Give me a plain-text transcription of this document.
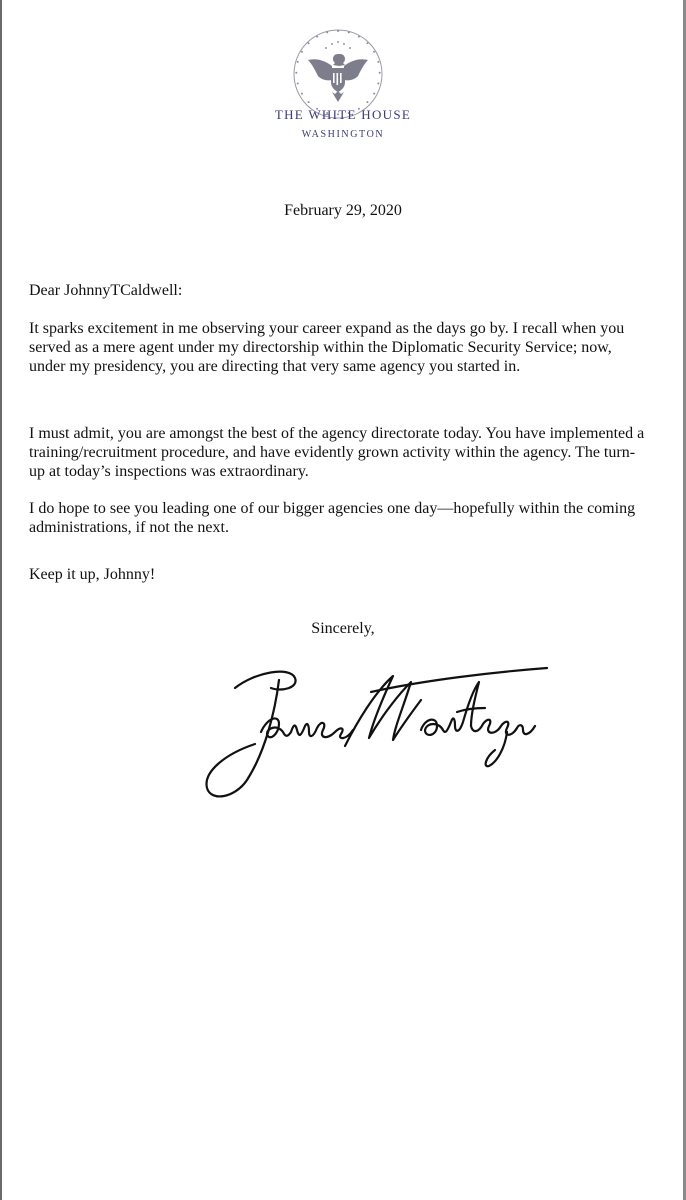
THE WHITE HOUSE
WASHINGTON
February 29, 2020

Dear JohnnyTCaldwell:

It sparks excitement in me observing your career expand as the days go by. I recall when you served as a mere agent under my directorship within the Diplomatic Security Service; now, under my presidency, you are directing that very same agency you started in.

I must admit, you are amongst the best of the agency directorate today. You have implemented a training/recruitment procedure, and have evidently grown activity within the agency. The turn-up at today’s inspections was extraordinary.

I do hope to see you leading one of our bigger agencies one day—hopefully within the coming administrations, if not the next.

Keep it up, Johnny!

Sincerely,
